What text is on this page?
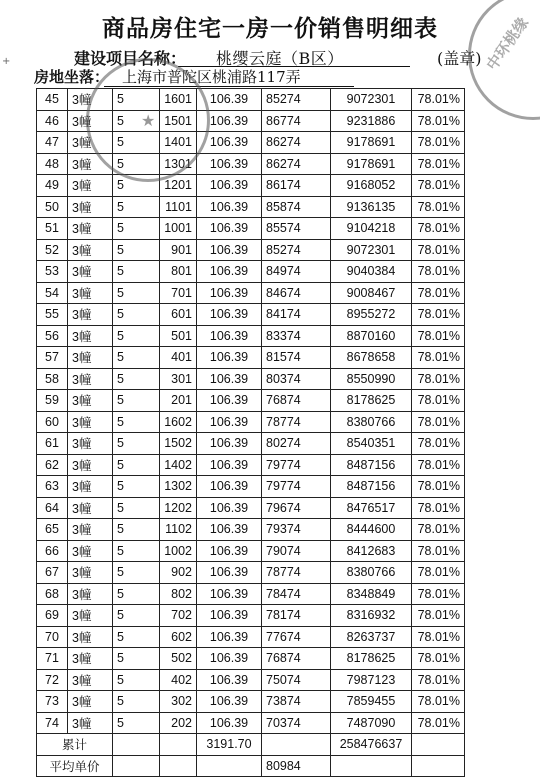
商品房住宅一房一价销售明细表
建设项目名称： 桃缨云庭（B区）	(盖章)
房地坐落： 上海市普陀区桃浦路117弄
+
45	3幢	5	1601	106.39	85274	9072301	78.01%
46	3幢	5	1501	106.39	86774	9231886	78.01%
47	3幢	5	1401	106.39	86274	9178691	78.01%
48	3幢	5	1301	106.39	86274	9178691	78.01%
49	3幢	5	1201	106.39	86174	9168052	78.01%
50	3幢	5	1101	106.39	85874	9136135	78.01%
51	3幢	5	1001	106.39	85574	9104218	78.01%
52	3幢	5	901	106.39	85274	9072301	78.01%
53	3幢	5	801	106.39	84974	9040384	78.01%
54	3幢	5	701	106.39	84674	9008467	78.01%
55	3幢	5	601	106.39	84174	8955272	78.01%
56	3幢	5	501	106.39	83374	8870160	78.01%
57	3幢	5	401	106.39	81574	8678658	78.01%
58	3幢	5	301	106.39	80374	8550990	78.01%
59	3幢	5	201	106.39	76874	8178625	78.01%
60	3幢	5	1602	106.39	78774	8380766	78.01%
61	3幢	5	1502	106.39	80274	8540351	78.01%
62	3幢	5	1402	106.39	79774	8487156	78.01%
63	3幢	5	1302	106.39	79774	8487156	78.01%
64	3幢	5	1202	106.39	79674	8476517	78.01%
65	3幢	5	1102	106.39	79374	8444600	78.01%
66	3幢	5	1002	106.39	79074	8412683	78.01%
67	3幢	5	902	106.39	78774	8380766	78.01%
68	3幢	5	802	106.39	78474	8348849	78.01%
69	3幢	5	702	106.39	78174	8316932	78.01%
70	3幢	5	602	106.39	77674	8263737	78.01%
71	3幢	5	502	106.39	76874	8178625	78.01%
72	3幢	5	402	106.39	75074	7987123	78.01%
73	3幢	5	302	106.39	73874	7859455	78.01%
74	3幢	5	202	106.39	70374	7487090	78.01%
累计				3191.70		258476637	
平均单价					80984		
★
中环桃缘
